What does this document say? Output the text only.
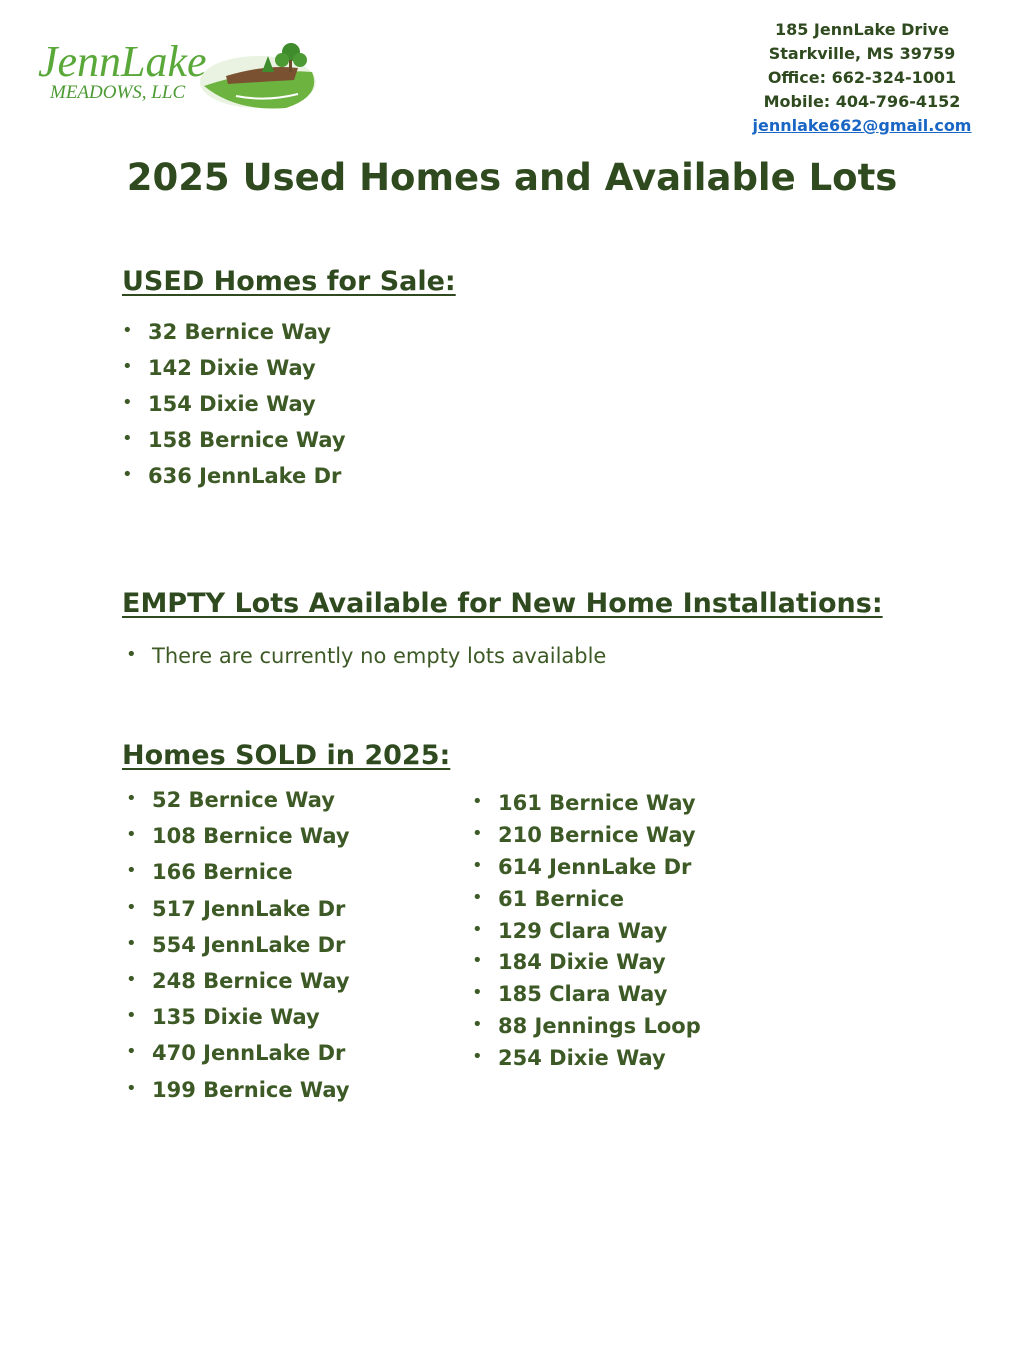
JennLake
MEADOWS, LLC
185 JennLake Drive
Starkville, MS 39759
Office: 662-324-1001
Mobile: 404-796-4152
jennlake662@gmail.com
2025 Used Homes and Available Lots
USED Homes for Sale:
• 32 Bernice Way
• 142 Dixie Way
• 154 Dixie Way
• 158 Bernice Way
• 636 JennLake Dr
EMPTY Lots Available for New Home Installations:
• There are currently no empty lots available
Homes SOLD in 2025:
• 52 Bernice Way
• 108 Bernice Way
• 166 Bernice
• 517 JennLake Dr
• 554 JennLake Dr
• 248 Bernice Way
• 135 Dixie Way
• 470 JennLake Dr
• 199 Bernice Way
• 161 Bernice Way
• 210 Bernice Way
• 614 JennLake Dr
• 61 Bernice
• 129 Clara Way
• 184 Dixie Way
• 185 Clara Way
• 88 Jennings Loop
• 254 Dixie Way
